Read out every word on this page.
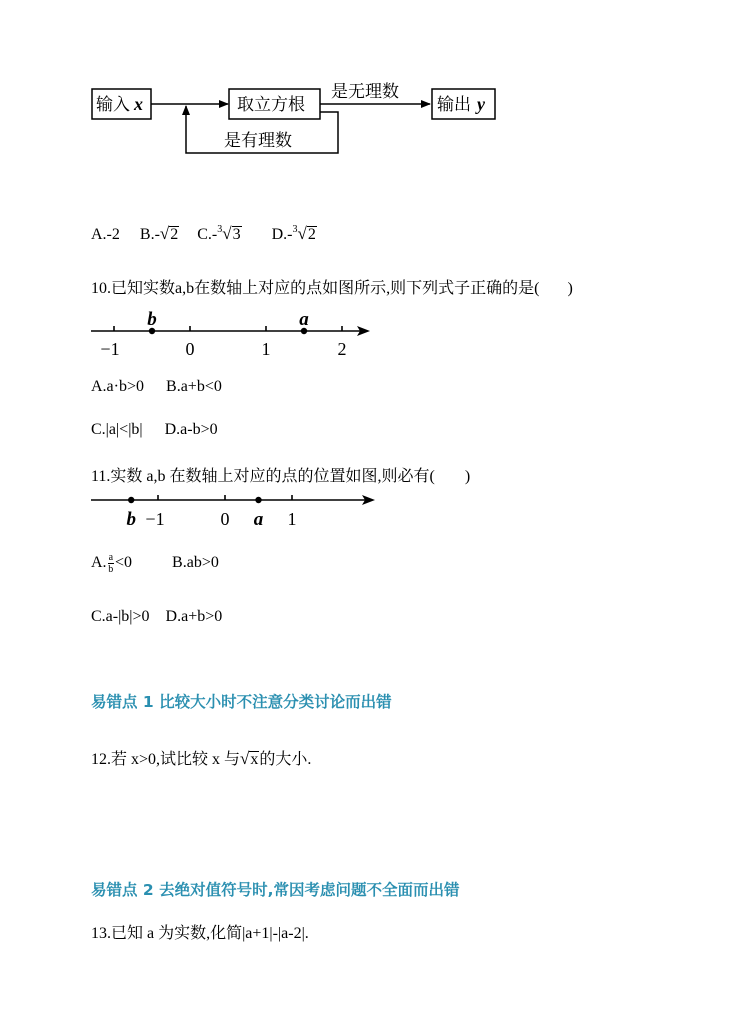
输入 x	取立方根
是无理数
输出 y
是有理数
A.-2 B.-√2 C.-$^3$√3 D.-$^3$√2
10.已知实数a,b在数轴上对应的点如图所示,则下列式子正确的是( )
−1	0	1	2
b	a
A.a·b>0 B.a+b<0
C.|a|<|b| D.a-b>0
11.实数 a,b 在数轴上对应的点的位置如图,则必有( )
−1	0	1
b	a
A. $\frac{a}{b} <0$	B.ab>0
C.a-|b|>0 D.a+b>0
易错点 1 比较大小时不注意分类讨论而出错
12.若 x>0,试比较 x 与√x的大小.
易错点 2 去绝对值符号时,常因考虑问题不全面而出错
13.已知 a 为实数,化简|a+1|-|a-2|.
